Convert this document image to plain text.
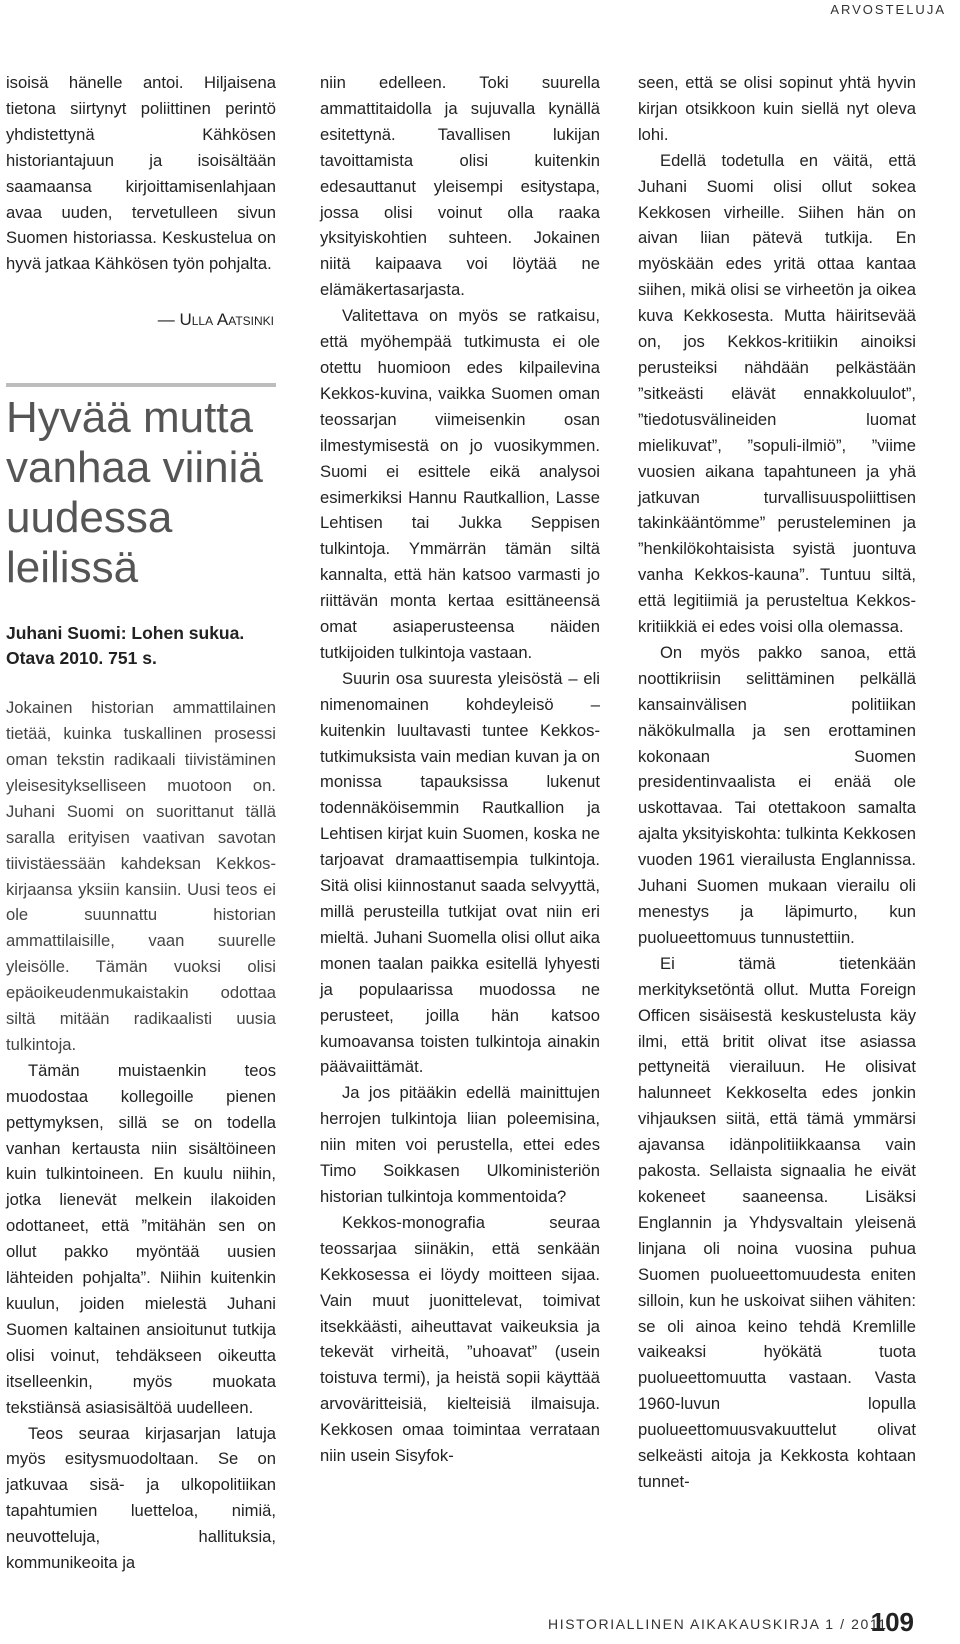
ARVOSTELUJA

isoisä hänelle antoi. Hiljaisena tietona siirtynyt poliittinen perintö yhdistettynä Kähkösen historiantajuun ja isoisältään saamaansa kirjoittamisenlahjaan avaa uuden, tervetulleen sivun Suomen historiassa. Keskustelua on hyvä jatkaa Kähkösen työn pohjalta.

— Ulla Aatsinki
Hyvää mutta vanhaa viiniä uudessa leilissä
Juhani Suomi: Lohen sukua. Otava 2010. 751 s.

Jokainen historian ammattilainen tietää, kuinka tuskallinen prosessi oman tekstin radikaali tiivistäminen yleisesitykselliseen muotoon on. Juhani Suomi on suorittanut tällä saralla erityisen vaativan savotan tiivistäessään kahdeksan Kekkos-kirjaansa yksiin kansiin. Uusi teos ei ole suunnattu historian ammattilaisille, vaan suurelle yleisölle. Tämän vuoksi olisi epäoikeudenmukaistakin odottaa siltä mitään radikaalisti uusia tulkintoja.

Tämän muistaenkin teos muodostaa kollegoille pienen pettymyksen, sillä se on todella vanhan kertausta niin sisältöineen kuin tulkintoineen. En kuulu niihin, jotka lienevät melkein ilakoiden odottaneet, että ”mitähän sen on ollut pakko myöntää uusien lähteiden pohjalta”. Niihin kuitenkin kuulun, joiden mielestä Juhani Suomen kaltainen ansioitunut tutkija olisi voinut, tehdäkseen oikeutta itselleenkin, myös muokata tekstiänsä asiasisältöä uudelleen.

Teos seuraa kirjasarjan latuja myös esitysmuodoltaan. Se on jatkuvaa sisä- ja ulkopolitiikan tapahtumien luetteloa, nimiä, neuvotteluja, hallituksia, kommunikeoita ja

niin edelleen. Toki suurella ammattitaidolla ja sujuvalla kynällä esitettynä. Tavallisen lukijan tavoittamista olisi kuitenkin edesauttanut yleisempi esitystapa, jossa olisi voinut olla raaka yksityiskohtien suhteen. Jokainen niitä kaipaava voi löytää ne elämäkertasarjasta.

Valitettava on myös se ratkaisu, että myöhempää tutkimusta ei ole otettu huomioon edes kilpailevina Kekkos-kuvina, vaikka Suomen oman teossarjan viimeisenkin osan ilmestymisestä on jo vuosikymmen. Suomi ei esittele eikä analysoi esimerkiksi Hannu Rautkallion, Lasse Lehtisen tai Jukka Seppisen tulkintoja. Ymmärrän tämän siltä kannalta, että hän katsoo varmasti jo riittävän monta kertaa esittäneensä omat asiaperusteensa näiden tutkijoiden tulkintoja vastaan.

Suurin osa suuresta yleisöstä – eli nimenomainen kohdeyleisö – kuitenkin luultavasti tuntee Kekkos-tutkimuksista vain median kuvan ja on monissa tapauksissa lukenut todennäköisemmin Rautkallion ja Lehtisen kirjat kuin Suomen, koska ne tarjoavat dramaattisempia tulkintoja. Sitä olisi kiinnostanut saada selvyyttä, millä perusteilla tutkijat ovat niin eri mieltä. Juhani Suomella olisi ollut aika monen taalan paikka esitellä lyhyesti ja populaarissa muodossa ne perusteet, joilla hän katsoo kumoavansa toisten tulkintoja ainakin päävaiittämät.

Ja jos pitääkin edellä mainittujen herrojen tulkintoja liian poleemisina, niin miten voi perustella, ettei edes Timo Soikkasen Ulkoministeriön historian tulkintoja kommentoida?

Kekkos-monografia seuraa teossarjaa siinäkin, että senkään Kekkosessa ei löydy moitteen sijaa. Vain muut juonittelevat, toimivat itsekkäästi, aiheuttavat vaikeuksia ja tekevät virheitä, ”uhoavat” (usein toistuva termi), ja heistä sopii käyttää arvoväritteisiä, kielteisiä ilmaisuja. Kekkosen omaa toimintaa verrataan niin usein Sisyfok-

seen, että se olisi sopinut yhtä hyvin kirjan otsikkoon kuin siellä nyt oleva lohi.

Edellä todetulla en väitä, että Juhani Suomi olisi ollut sokea Kekkosen virheille. Siihen hän on aivan liian pätevä tutkija. En myöskään edes yritä ottaa kantaa siihen, mikä olisi se virheetön ja oikea kuva Kekkosesta. Mutta häiritsevää on, jos Kekkos-kritiikin ainoiksi perusteiksi nähdään pelkästään ”sitkeästi elävät ennakkoluulot”, ”tiedotusvälineiden luomat mielikuvat”, ”sopuli-ilmiö”, ”viime vuosien aikana tapahtuneen ja yhä jatkuvan turvallisuuspoliittisen takinkääntömme” perusteleminen ja ”henkilökohtaisista syistä juontuva vanha Kekkos-kauna”. Tuntuu siltä, että legitiimiä ja perusteltua Kekkos-kritiikkiä ei edes voisi olla olemassa.

On myös pakko sanoa, että noottikriisin selittäminen pelkällä kansainvälisen politiikan näkökulmalla ja sen erottaminen kokonaan Suomen presidentinvaalista ei enää ole uskottavaa. Tai otettakoon samalta ajalta yksityiskohta: tulkinta Kekkosen vuoden 1961 vierailusta Englannissa. Juhani Suomen mukaan vierailu oli menestys ja läpimurto, kun puolueettomuus tunnustettiin.

Ei tämä tietenkään merkityksetöntä ollut. Mutta Foreign Officen sisäisestä keskustelusta käy ilmi, että britit olivat itse asiassa pettyneitä vierailuun. He olisivat halunneet Kekkoselta edes jonkin vihjauksen siitä, että tämä ymmärsi ajavansa idänpolitiikkaansa vain pakosta. Sellaista signaalia he eivät kokeneet saaneensa. Lisäksi Englannin ja Yhdysvaltain yleisenä linjana oli noina vuosina puhua Suomen puolueettomuudesta eniten silloin, kun he uskoivat siihen vähiten: se oli ainoa keino tehdä Kremlille vaikeaksi hyökätä tuota puolueettomuutta vastaan. Vasta 1960-luvun lopulla puolueettomuusvakuuttelut olivat selkeästi aitoja ja Kekkosta kohtaan tunnet-

HISTORIALLINEN AIKAKAUSKIRJA 1 / 2011
109
